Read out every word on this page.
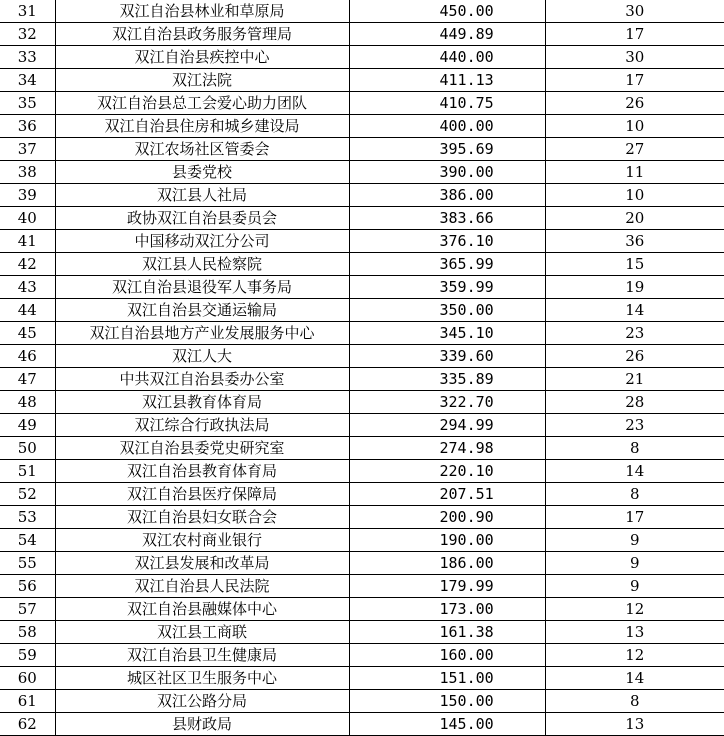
31	双江自治县林业和草原局	450.00	30
32	双江自治县政务服务管理局	449.89	17
33	双江自治县疾控中心	440.00	30
34	双江法院	411.13	17
35	双江自治县总工会爱心助力团队	410.75	26
36	双江自治县住房和城乡建设局	400.00	10
37	双江农场社区管委会	395.69	27
38	县委党校	390.00	11
39	双江县人社局	386.00	10
40	政协双江自治县委员会	383.66	20
41	中国移动双江分公司	376.10	36
42	双江县人民检察院	365.99	15
43	双江自治县退役军人事务局	359.99	19
44	双江自治县交通运输局	350.00	14
45	双江自治县地方产业发展服务中心	345.10	23
46	双江人大	339.60	26
47	中共双江自治县委办公室	335.89	21
48	双江县教育体育局	322.70	28
49	双江综合行政执法局	294.99	23
50	双江自治县委党史研究室	274.98	8
51	双江自治县教育体育局	220.10	14
52	双江自治县医疗保障局	207.51	8
53	双江自治县妇女联合会	200.90	17
54	双江农村商业银行	190.00	9
55	双江县发展和改革局	186.00	9
56	双江自治县人民法院	179.99	9
57	双江自治县融媒体中心	173.00	12
58	双江县工商联	161.38	13
59	双江自治县卫生健康局	160.00	12
60	城区社区卫生服务中心	151.00	14
61	双江公路分局	150.00	8
62	县财政局	145.00	13
